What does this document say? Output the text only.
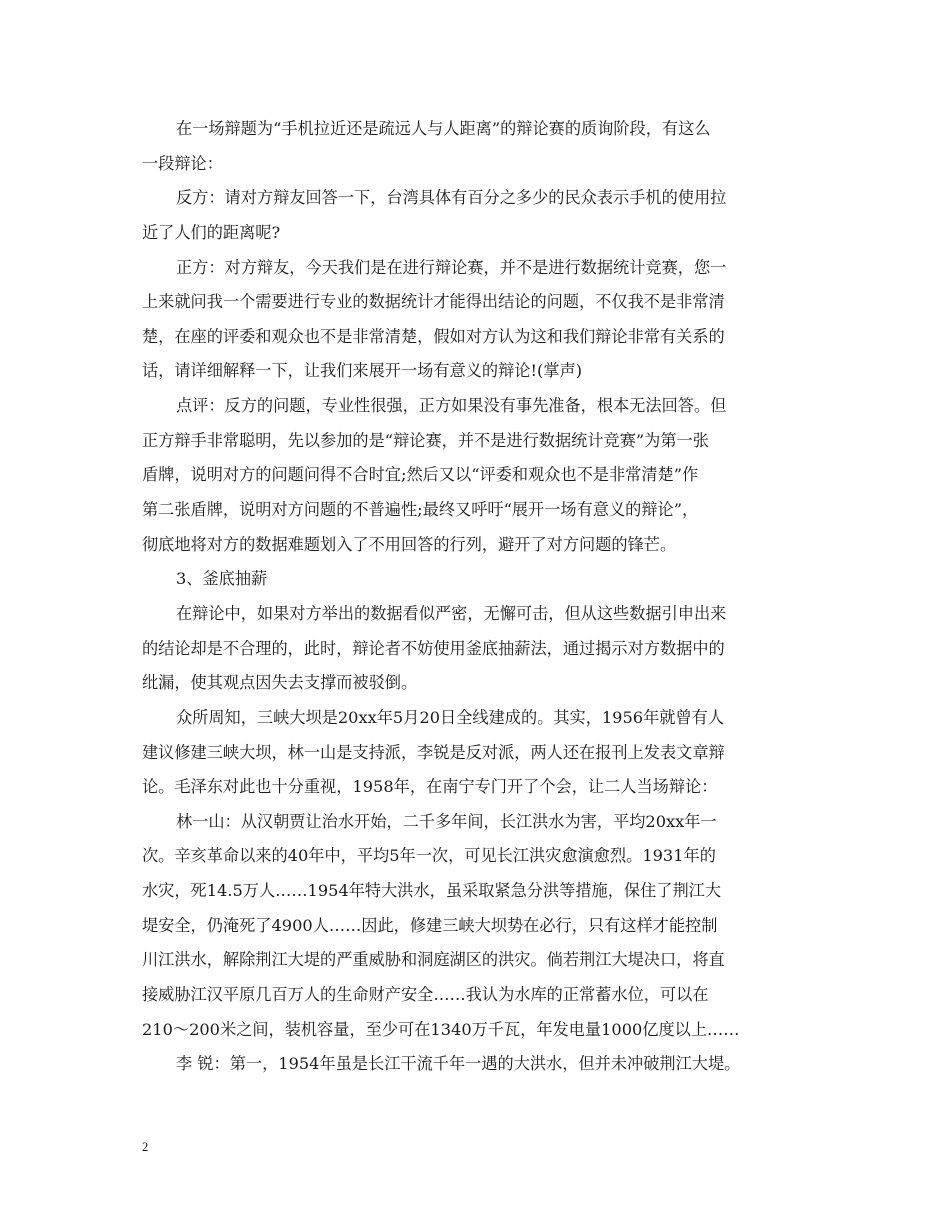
在一场辩题为“手机拉近还是疏远人与人距离”的辩论赛的质询阶段，有这么
一段辩论：
反方：请对方辩友回答一下，台湾具体有百分之多少的民众表示手机的使用拉
近了人们的距离呢?
正方：对方辩友，今天我们是在进行辩论赛，并不是进行数据统计竞赛，您一
上来就问我一个需要进行专业的数据统计才能得出结论的问题，不仅我不是非常清
楚，在座的评委和观众也不是非常清楚，假如对方认为这和我们辩论非常有关系的
话，请详细解释一下，让我们来展开一场有意义的辩论!(掌声)
点评：反方的问题，专业性很强，正方如果没有事先准备，根本无法回答。但
正方辩手非常聪明，先以参加的是“辩论赛，并不是进行数据统计竞赛”为第一张
盾牌，说明对方的问题问得不合时宜;然后又以“评委和观众也不是非常清楚”作
第二张盾牌，说明对方问题的不普遍性;最终又呼吁“展开一场有意义的辩论”，
彻底地将对方的数据难题划入了不用回答的行列，避开了对方问题的锋芒。
3、釜底抽薪
在辩论中，如果对方举出的数据看似严密，无懈可击，但从这些数据引申出来
的结论却是不合理的，此时，辩论者不妨使用釜底抽薪法，通过揭示对方数据中的
纰漏，使其观点因失去支撑而被驳倒。
众所周知，三峡大坝是20xx年5月20日全线建成的。其实，1956年就曾有人
建议修建三峡大坝，林一山是支持派，李锐是反对派，两人还在报刊上发表文章辩
论。毛泽东对此也十分重视，1958年，在南宁专门开了个会，让二人当场辩论：
林一山：从汉朝贾让治水开始，二千多年间，长江洪水为害，平均20xx年一
次。辛亥革命以来的40年中，平均5年一次，可见长江洪灾愈演愈烈。1931年的
水灾，死14.5万人……1954年特大洪水，虽采取紧急分洪等措施，保住了荆江大
堤安全，仍淹死了4900人……因此，修建三峡大坝势在必行，只有这样才能控制
川江洪水，解除荆江大堤的严重威胁和洞庭湖区的洪灾。倘若荆江大堤决口，将直
接威胁江汉平原几百万人的生命财产安全……我认为水库的正常蓄水位，可以在
210～200米之间，装机容量，至少可在1340万千瓦，年发电量1000亿度以上……
李 锐：第一，1954年虽是长江干流千年一遇的大洪水，但并未冲破荆江大堤。
2
